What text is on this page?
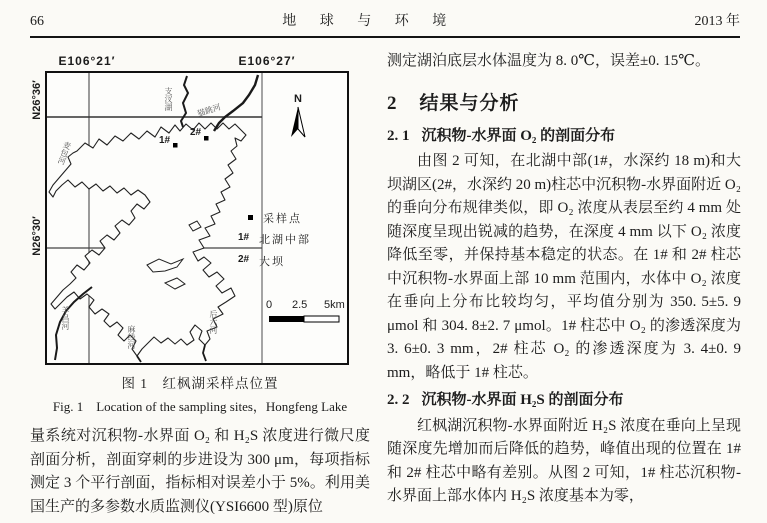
66	地 球 与 环 境	2013 年
E106°21′	E106°27′
N26°36′
N26°30′
N
支汊湖	猫跳河
麦包河
羊昌河
麻线河
后六河
1#
2#
采样点
1# 北湖中部
2# 大坝
0 2.5 5km
图 1　红枫湖采样点位置
Fig. 1　Location of the sampling sites，Hongfeng Lake

量系统对沉积物-水界面 O₂ 和 H₂S 浓度进行微尺度剖面分析，剖面穿刺的步进设为 300 μm，每项指标测定 3 个平行剖面，指标相对误差小于 5%。利用美国生产的多参数水质监测仪(YSI6600 型)原位

测定湖泊底层水体温度为 8. 0℃，误差±0. 15℃。

2 结果与分析
2. 1 沉积物-水界面 O₂ 的剖面分布

由图 2 可知，在北湖中部(1#，水深约 18 m)和大坝湖区(2#，水深约 20 m)柱芯中沉积物-水界面附近 O₂ 的垂向分布规律类似，即 O₂ 浓度从表层至约 4 mm 处随深度呈现出锐减的趋势，在深度 4 mm 以下 O₂ 浓度降低至零，并保持基本稳定的状态。在 1# 和 2# 柱芯中沉积物-水界面上部 10 mm 范围内，水体中 O₂ 浓度在垂向上分布比较均匀，平均值分别为 350. 5±5. 9 μmol 和 304. 8±2. 7 μmol。1# 柱芯中 O₂ 的渗透深度为 3. 6±0. 3 mm，2# 柱芯 O₂ 的渗透深度为 3. 4±0. 9 mm，略低于 1# 柱芯。

2. 2 沉积物-水界面 H₂S 的剖面分布

红枫湖沉积物-水界面附近 H₂S 浓度在垂向上呈现随深度先增加而后降低的趋势，峰值出现的位置在 1# 和 2# 柱芯中略有差别。从图 2 可知，1# 柱芯沉积物-水界面上部水体内 H₂S 浓度基本为零，
